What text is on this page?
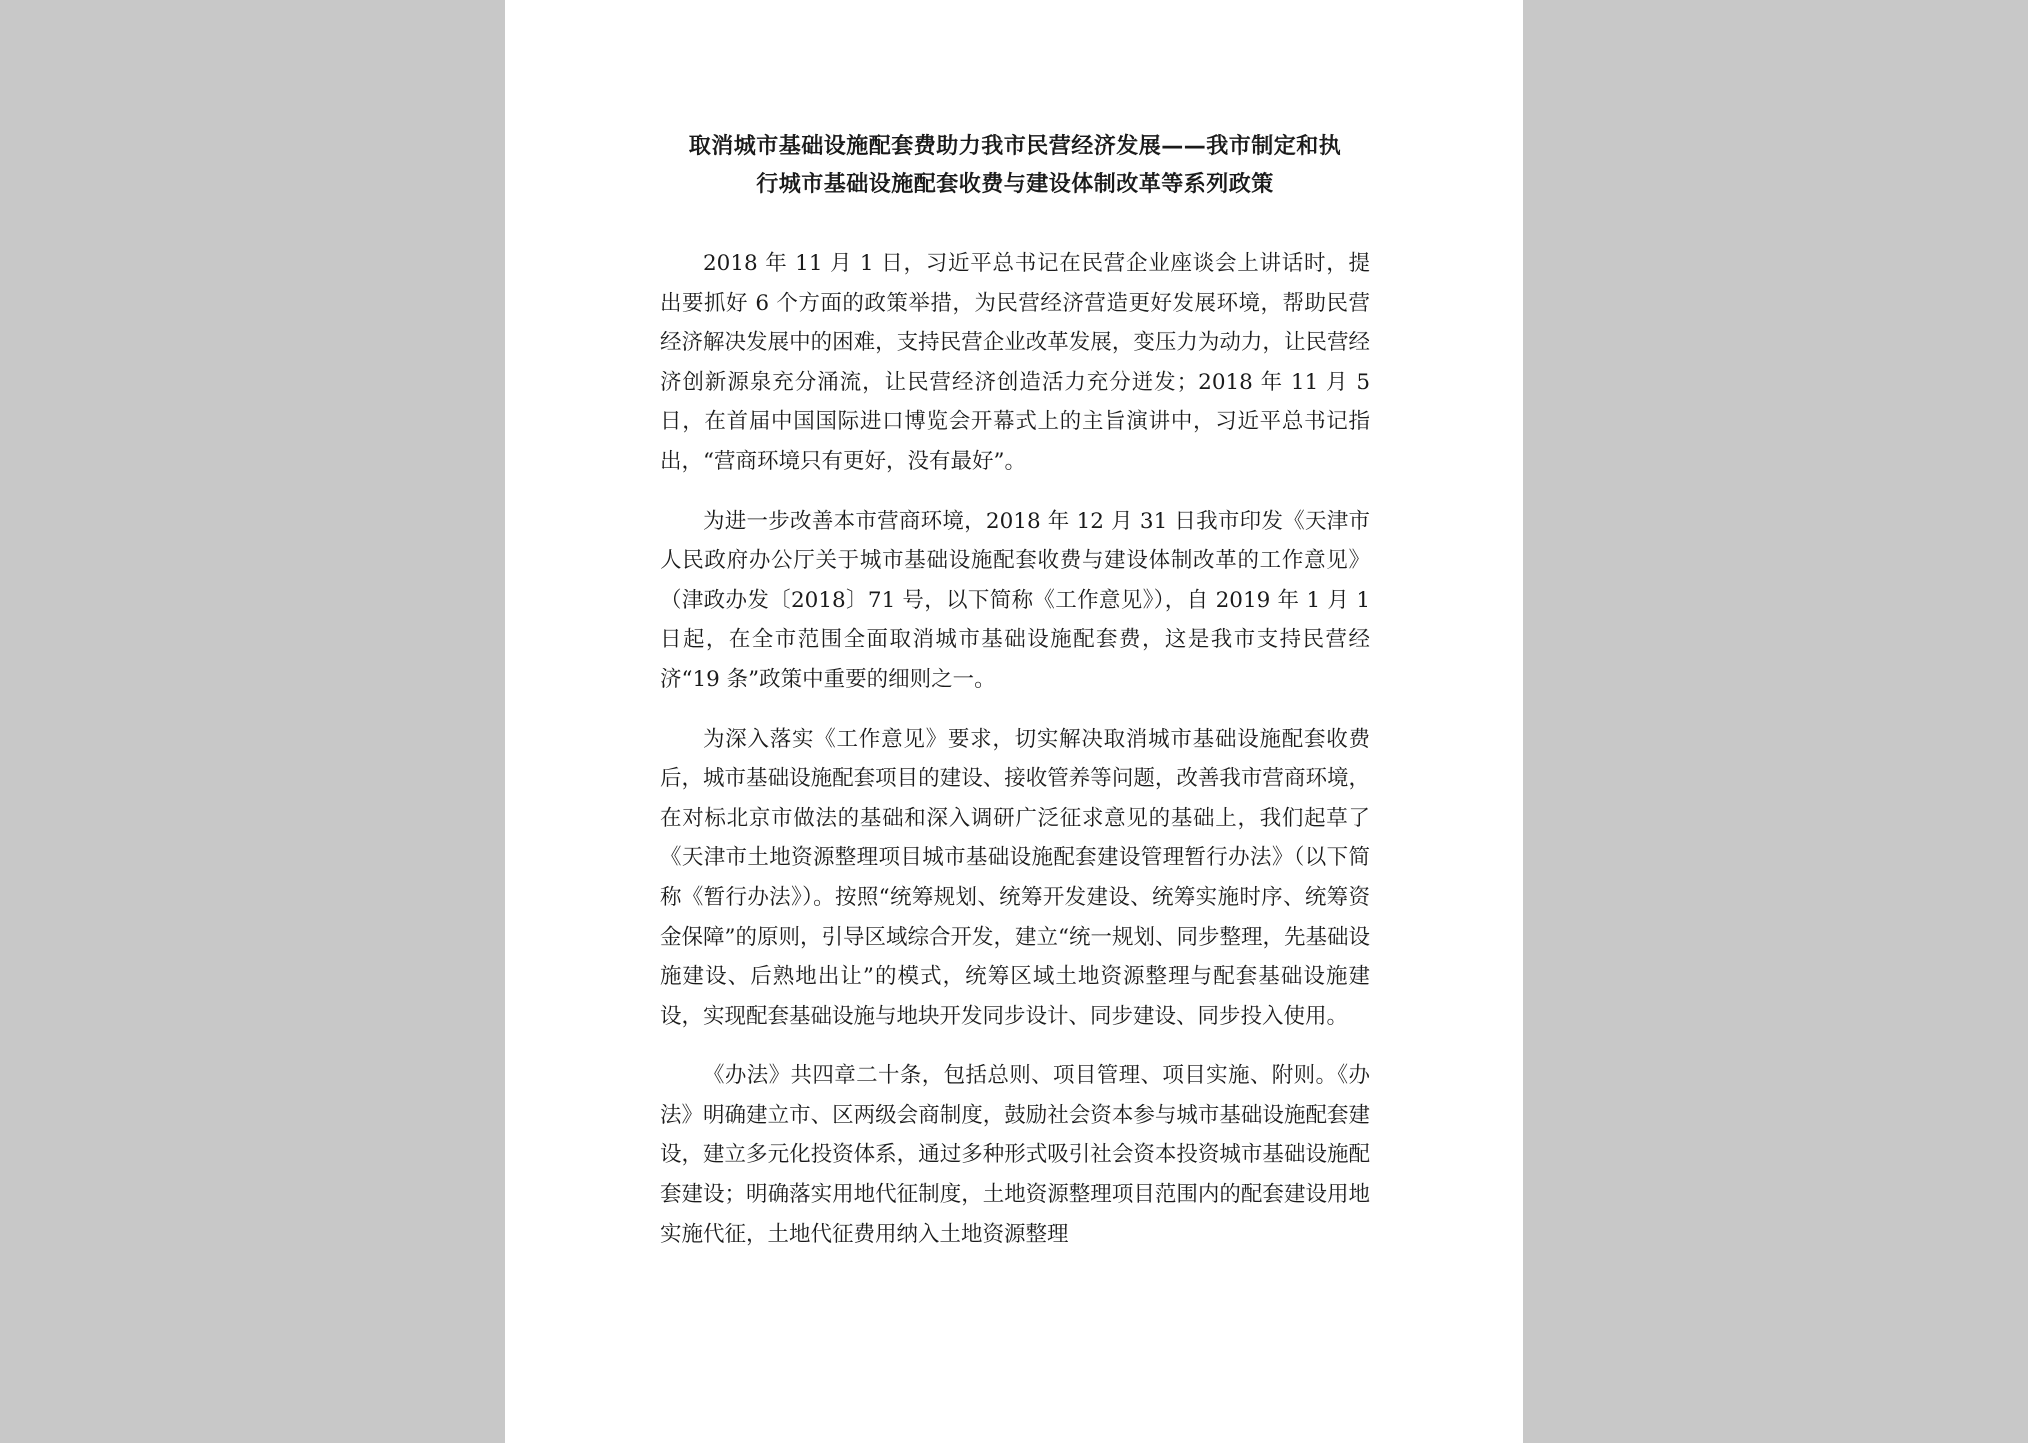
取消城市基础设施配套费助力我市民营经济发展——我市制定和执
行城市基础设施配套收费与建设体制改革等系列政策

2018 年 11 月 1 日，习近平总书记在民营企业座谈会上讲话时，提出要抓好 6 个方面的政策举措，为民营经济营造更好发展环境，帮助民营经济解决发展中的困难，支持民营企业改革发展，变压力为动力，让民营经济创新源泉充分涌流，让民营经济创造活力充分迸发；2018 年 11 月 5 日，在首届中国国际进口博览会开幕式上的主旨演讲中，习近平总书记指出，“营商环境只有更好，没有最好”。

为进一步改善本市营商环境，2018 年 12 月 31 日我市印发《天津市人民政府办公厅关于城市基础设施配套收费与建设体制改革的工作意见》（津政办发〔2018〕71 号，以下简称《工作意见》），自 2019 年 1 月 1 日起，在全市范围全面取消城市基础设施配套费，这是我市支持民营经济“19 条”政策中重要的细则之一。

为深入落实《工作意见》要求，切实解决取消城市基础设施配套收费后，城市基础设施配套项目的建设、接收管养等问题，改善我市营商环境，在对标北京市做法的基础和深入调研广泛征求意见的基础上，我们起草了《天津市土地资源整理项目城市基础设施配套建设管理暂行办法》（以下简称《暂行办法》）。按照“统筹规划、统筹开发建设、统筹实施时序、统筹资金保障”的原则，引导区域综合开发，建立“统一规划、同步整理，先基础设施建设、后熟地出让”的模式，统筹区域土地资源整理与配套基础设施建设，实现配套基础设施与地块开发同步设计、同步建设、同步投入使用。

《办法》共四章二十条，包括总则、项目管理、项目实施、附则。《办法》明确建立市、区两级会商制度，鼓励社会资本参与城市基础设施配套建设，建立多元化投资体系，通过多种形式吸引社会资本投资城市基础设施配套建设；明确落实用地代征制度，土地资源整理项目范围内的配套建设用地实施代征，土地代征费用纳入土地资源整理
